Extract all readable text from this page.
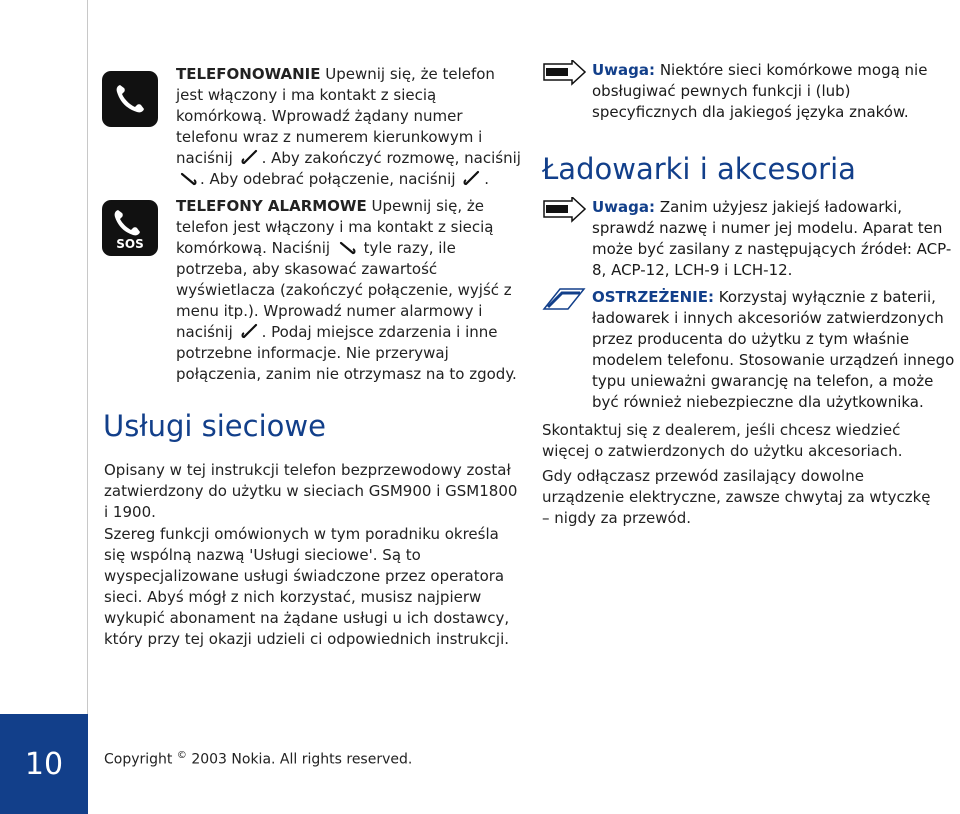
SOS
TELEFONOWANIE Upewnij się, że telefon jest włączony i ma kontakt z siecią komórkową. Wprowadź żądany numer telefonu wraz z numerem kierunkowym i naciśnij . Aby zakończyć rozmowę, naciśnij . Aby odebrać połączenie, naciśnij .
TELEFONY ALARMOWE Upewnij się, że telefon jest włączony i ma kontakt z siecią komórkową. Naciśnij tyle razy, ile potrzeba, aby skasować zawartość wyświetlacza (zakończyć połączenie, wyjść z menu itp.). Wprowadź numer alarmowy i naciśnij . Podaj miejsce zdarzenia i inne potrzebne informacje. Nie przerywaj połączenia, zanim nie otrzymasz na to zgody.
Usługi sieciowe
Opisany w tej instrukcji telefon bezprzewodowy został zatwierdzony do użytku w sieciach GSM900 i GSM1800 i 1900.
Szereg funkcji omówionych w tym poradniku określa się wspólną nazwą 'Usługi sieciowe'. Są to wyspecjalizowane usługi świadczone przez operatora sieci. Abyś mógł z nich korzystać, musisz najpierw wykupić abonament na żądane usługi u ich dostawcy, który przy tej okazji udzieli ci odpowiednich instrukcji.
Uwaga: Niektóre sieci komórkowe mogą nie obsługiwać pewnych funkcji i (lub) specyficznych dla jakiegoś języka znaków.
Ładowarki i akcesoria
Uwaga: Zanim użyjesz jakiejś ładowarki, sprawdź nazwę i numer jej modelu. Aparat ten może być zasilany z następujących źródeł: ACP-8, ACP-12, LCH-9 i LCH-12.
OSTRZEŻENIE: Korzystaj wyłącznie z baterii, ładowarek i innych akcesoriów zatwierdzonych przez producenta do użytku z tym właśnie modelem telefonu. Stosowanie urządzeń innego typu unieważni gwarancję na telefon, a może być również niebezpieczne dla użytkownika.
Skontaktuj się z dealerem, jeśli chcesz wiedzieć więcej o zatwierdzonych do użytku akcesoriach.
Gdy odłączasz przewód zasilający dowolne urządzenie elektryczne, zawsze chwytaj za wtyczkę – nigdy za przewód.
10	Copyright © 2003 Nokia. All rights reserved.
